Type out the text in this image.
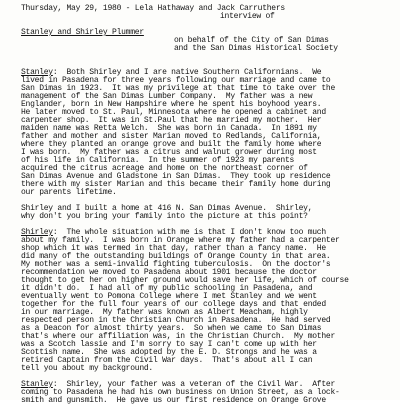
Thursday, May 29, 1980 - Lela Hathaway and Jack Carruthers
interview of
Stanley and Shirley Plummer
on behalf of the City of San Dimas
and the San Dimas Historical Society
Stanley:  Both Shirley and I are native Southern Californians.  We
lived in Pasadena for three years following our marriage and came to
San Dimas in 1923.  It was my privilege at that time to take over the
management of the San Dimas Lumber Company.  My father was a new
Englander, born in New Hampshire where he spent his boyhood years.
He later moved to St. Paul, Minnesota where he opened a cabinet and
carpenter shop.  It was in St.Paul that he married my mother.  Her
maiden name was Retta Welch.  She was born in Canada.  In 1891 my
father and mother and sister Marian moved to Redlands, California,
where they planted an orange grove and built the family home where
I was born.  My father was a citrus and walnut grower during most
of his life in California.  In the summer of 1923 my parents
acquired the citrus acreage and home on the northeast corner of
San Dimas Avenue and Gladstone in San Dimas.  They took up residence
there with my sister Marian and this became their family home during
our parents lifetime.
Shirley and I built a home at 416 N. San Dimas Avenue.  Shirley,
why don't you bring your family into the picture at this point?
Shirley:  The whole situation with me is that I don't know too much
about my family.  I was born in Orange where my father had a carpenter
shop which it was termed in that day, rather than a fancy name.  He
did many of the outstanding buildings of Orange County in that area.
My mother was a semi-invalid fighting tuberculosis.  On the doctor's
recommendation we moved to Pasadena about 1901 because the doctor
thought to get her on higher ground would save her life, which of course
it didn't do.  I had all of my public schooling in Pasadena, and
eventually went to Pomona College where I met Stanley and we went
together for the full four years of our college days and that ended
in our marriage.  My father was known as Albert Meacham, highly
respected person in the Christian Church in Pasadena.  He had served
as a Deacon for almost thirty years.  So when we came to San Dimas
that's where our affiliation was, in the Christian Church.  My mother
was a Scotch lassie and I'm sorry to say I can't come up with her
Scottish name.  She was adopted by the E. D. Strongs and he was a
retired Captain from the Civil War days.  That's about all I can
tell you about my background.
Stanley:  Shirley, your father was a veteran of the Civil War.  After
coming to Pasadena he had his own business on Union Street, as a lock-
smith and gunsmith.  He gave us our first residence on Orange Grove
